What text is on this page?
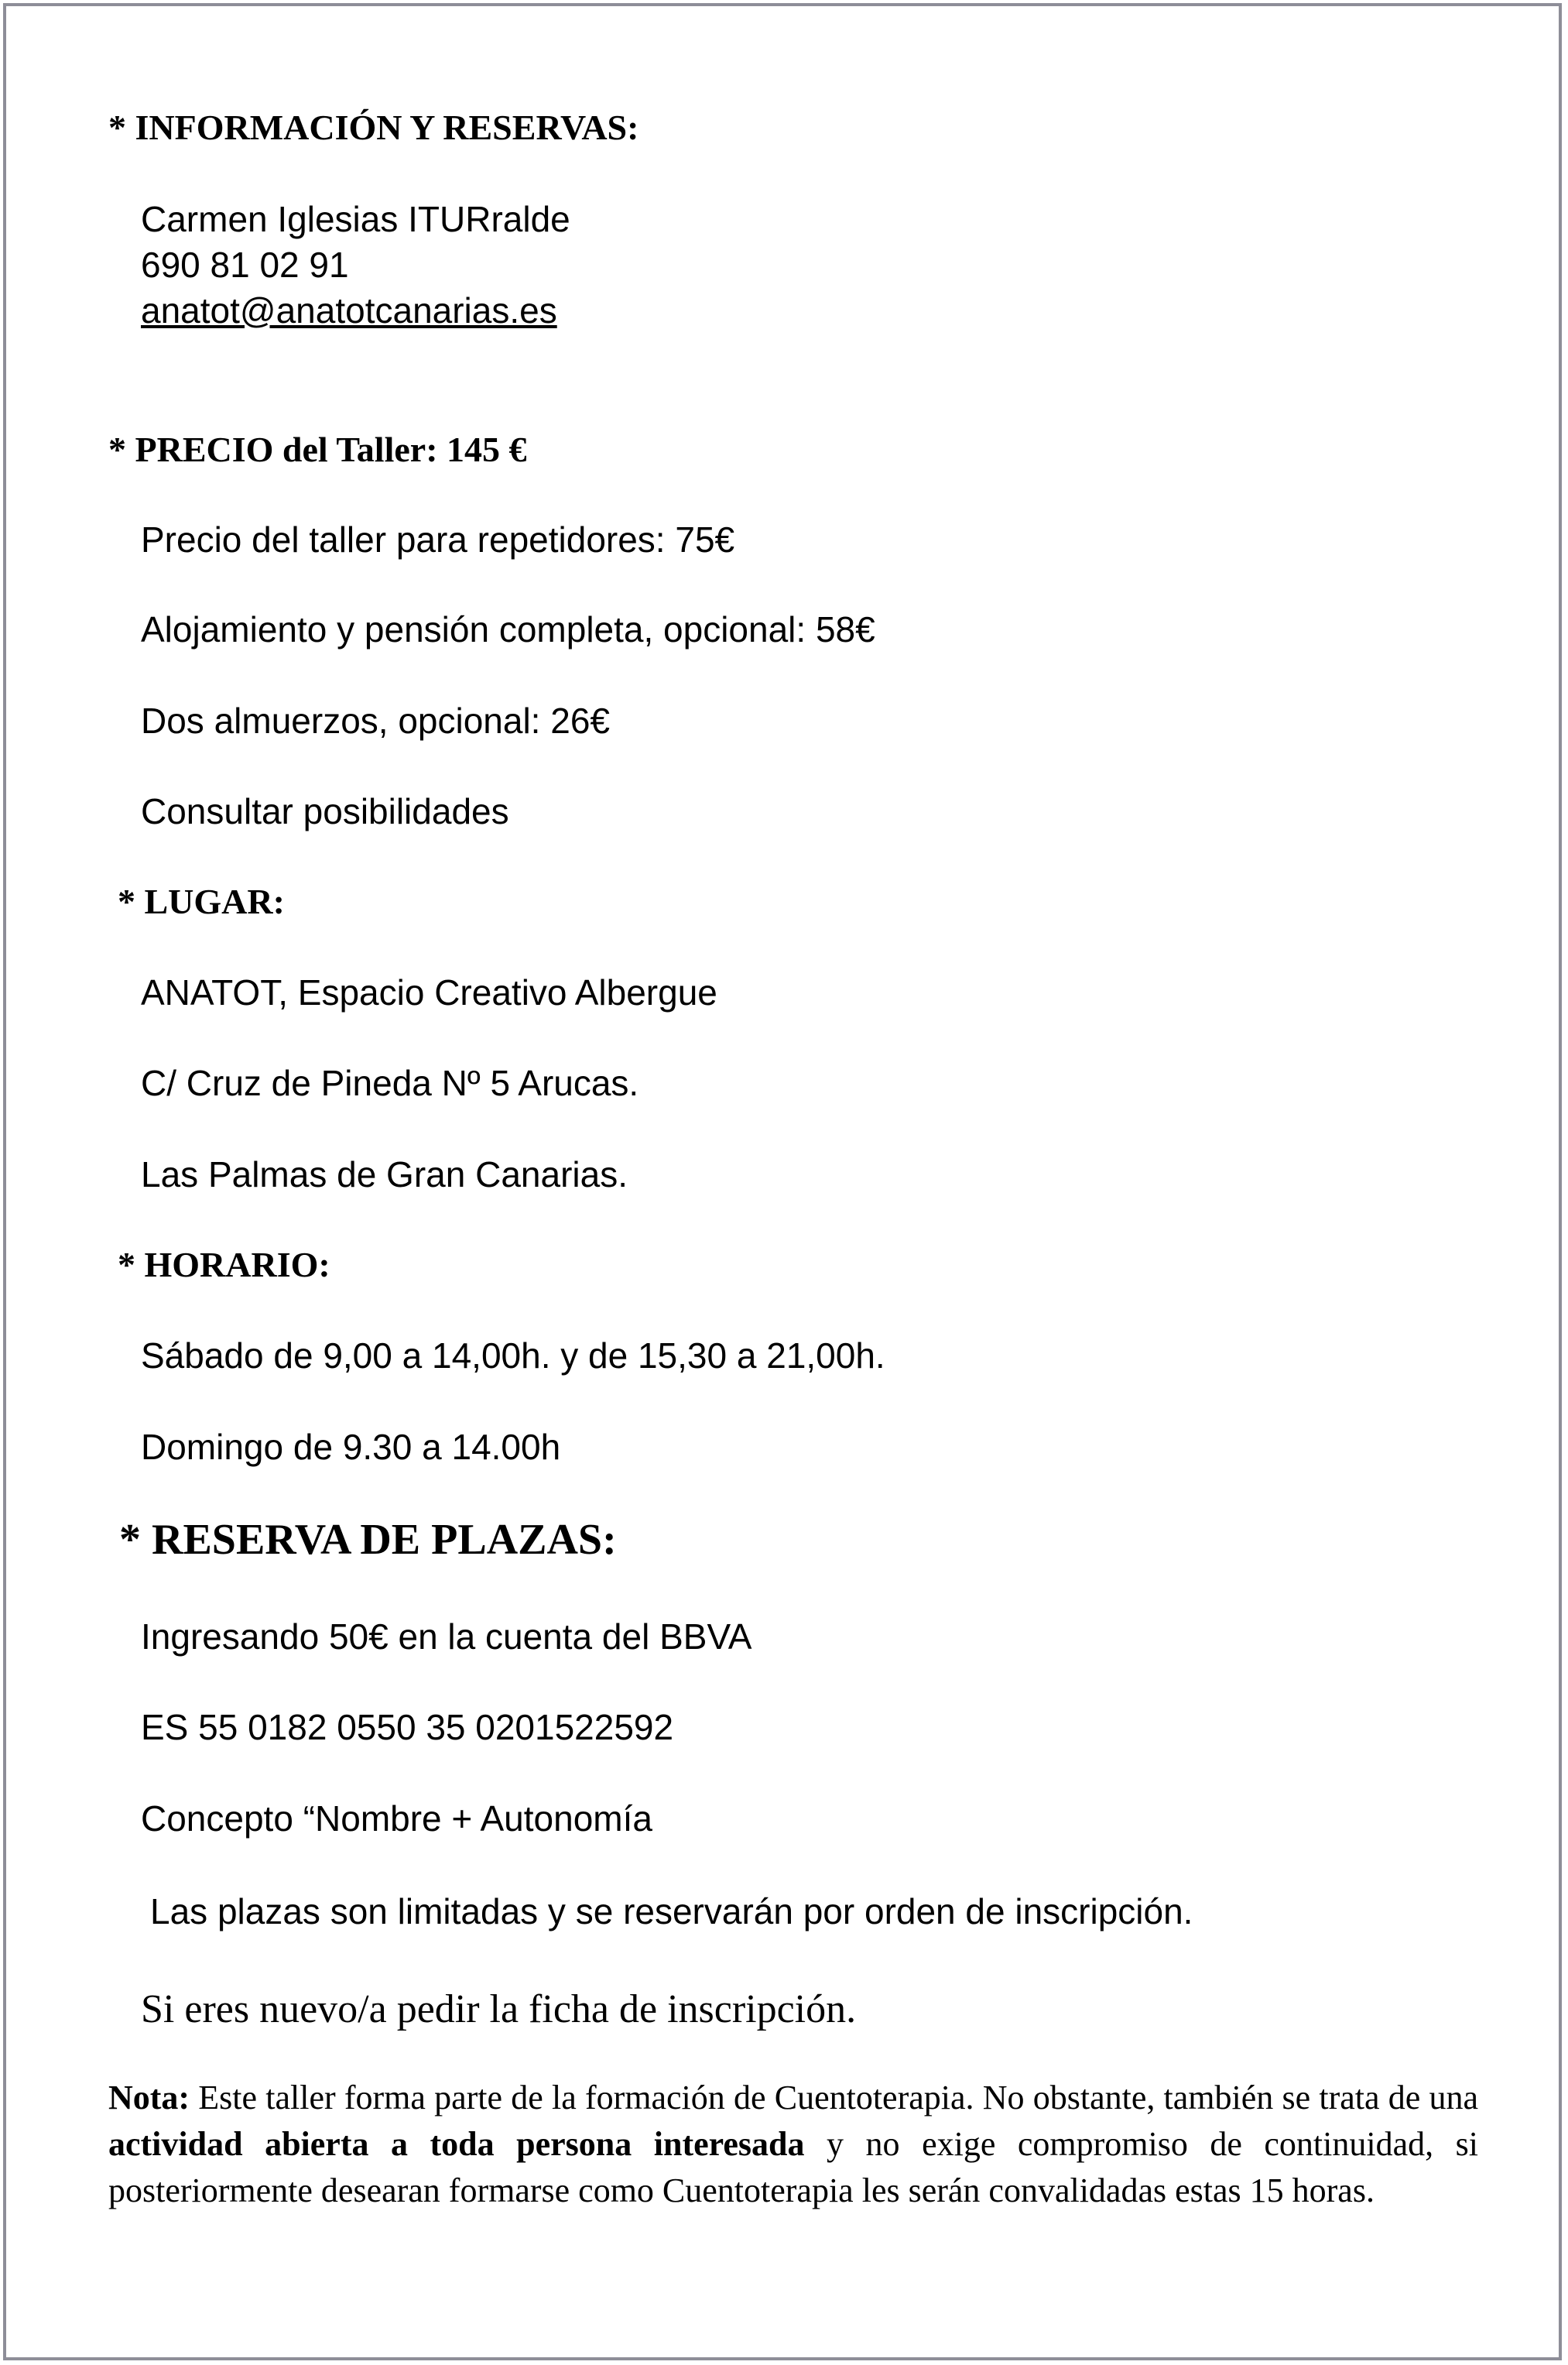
* INFORMACIÓN Y RESERVAS:
Carmen Iglesias ITURralde
690 81 02 91
anatot@anatotcanarias.es
* PRECIO del Taller: 145 €
Precio del taller para repetidores: 75€
Alojamiento y pensión completa, opcional: 58€
Dos almuerzos, opcional: 26€
Consultar posibilidades
* LUGAR:
ANATOT, Espacio Creativo Albergue
C/ Cruz de Pineda Nº 5 Arucas.
Las Palmas de Gran Canarias.
* HORARIO:
Sábado de 9,00 a 14,00h. y de 15,30 a 21,00h.
Domingo de 9.30 a 14.00h
* RESERVA DE PLAZAS:
Ingresando 50€ en la cuenta del BBVA
ES 55 0182 0550 35 0201522592
Concepto “Nombre + Autonomía
Las plazas son limitadas y se reservarán por orden de inscripción.
Si eres nuevo/a pedir la ficha de inscripción.
Nota: Este taller forma parte de la formación de Cuentoterapia. No obstante, también se trata de una actividad abierta a toda persona interesada y no exige compromiso de continuidad, si posteriormente desearan formarse como Cuentoterapia les serán convalidadas estas 15 horas.
